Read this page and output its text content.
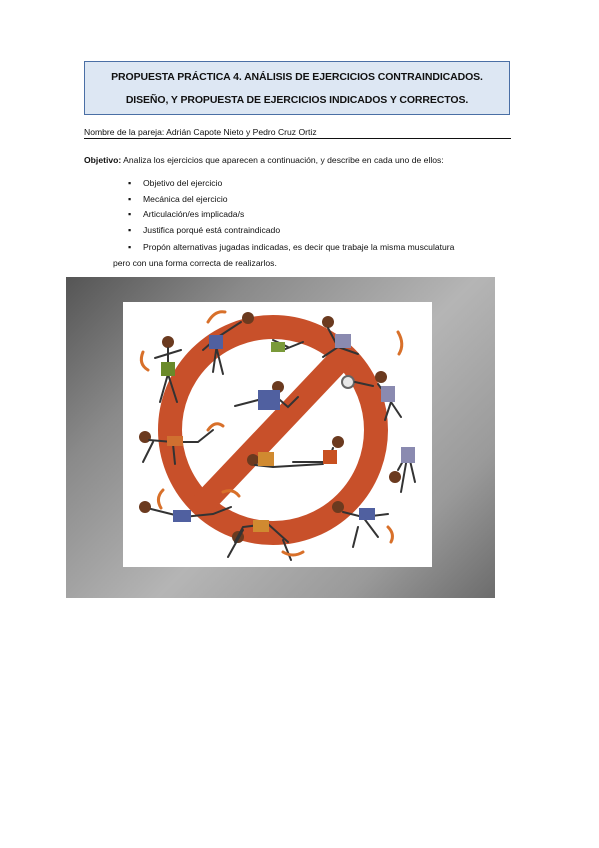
PROPUESTA PRÁCTICA 4. ANÁLISIS DE EJERCICIOS CONTRAINDICADOS.
DISEÑO, Y PROPUESTA DE EJERCICIOS INDICADOS Y CORRECTOS.
Nombre de la pareja: Adrián Capote Nieto y Pedro Cruz Ortiz
Objetivo: Analiza los ejercicios que aparecen a continuación, y describe en cada uno de ellos:
▪
Objetivo del ejercicio
▪
Mecánica del ejercicio
▪
Articulación/es implicada/s
▪
Justifica porqué está contraindicado
▪Propón alternativas jugadas indicadas, es decir que trabaje la misma musculatura
pero con una forma correcta de realizarlos.
